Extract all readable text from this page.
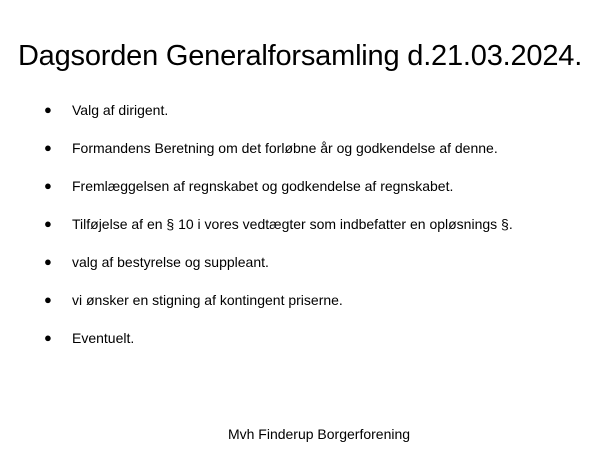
Dagsorden Generalforsamling d.21.03.2024.
● Valg af dirigent.
● Formandens Beretning om det forløbne år og godkendelse af denne.
● Fremlæggelsen af regnskabet og godkendelse af regnskabet.
● Tilføjelse af en § 10 i vores vedtægter som indbefatter en opløsnings §.
● valg af bestyrelse og suppleant.
● vi ønsker en stigning af kontingent priserne.
● Eventuelt.
Mvh Finderup Borgerforening
